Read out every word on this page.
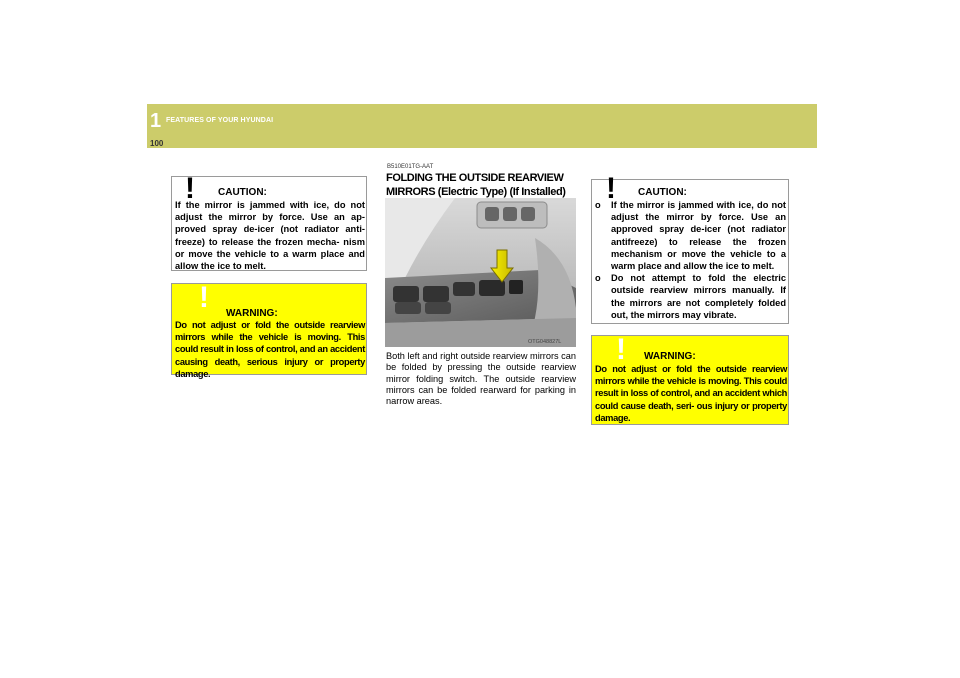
1 FEATURES OF YOUR HYUNDAI
100
! CAUTION:
If the mirror is jammed with ice, do not adjust the mirror by force. Use an ap- proved spray de-icer (not radiator anti- freeze) to release the frozen mecha- nism or move the vehicle to a warm place and allow the ice to melt.
! WARNING:
Do not adjust or fold the outside rearview mirrors while the vehicle is moving. This could result in loss of control, and an accident causing death, serious injury or property damage.
B510E01TG-AAT
FOLDING THE OUTSIDE REARVIEW MIRRORS (Electric Type) (If Installed)
OTG048827L
Both left and right outside rearview mirrors can be folded by pressing the outside rearview mirror folding switch. The outside rearview mirrors can be folded rearward for parking in narrow areas.
! CAUTION:
o If the mirror is jammed with ice, do not adjust the mirror by force. Use an approved spray de-icer (not radiator antifreeze) to release the frozen mechanism or move the vehicle to a warm place and allow the ice to melt.
o Do not attempt to fold the electric outside rearview mirrors manually. If the mirrors are not completely folded out, the mirrors may vibrate.
! WARNING:
Do not adjust or fold the outside rearview mirrors while the vehicle is moving. This could result in loss of control, and an accident which could cause death, seri- ous injury or property damage.
